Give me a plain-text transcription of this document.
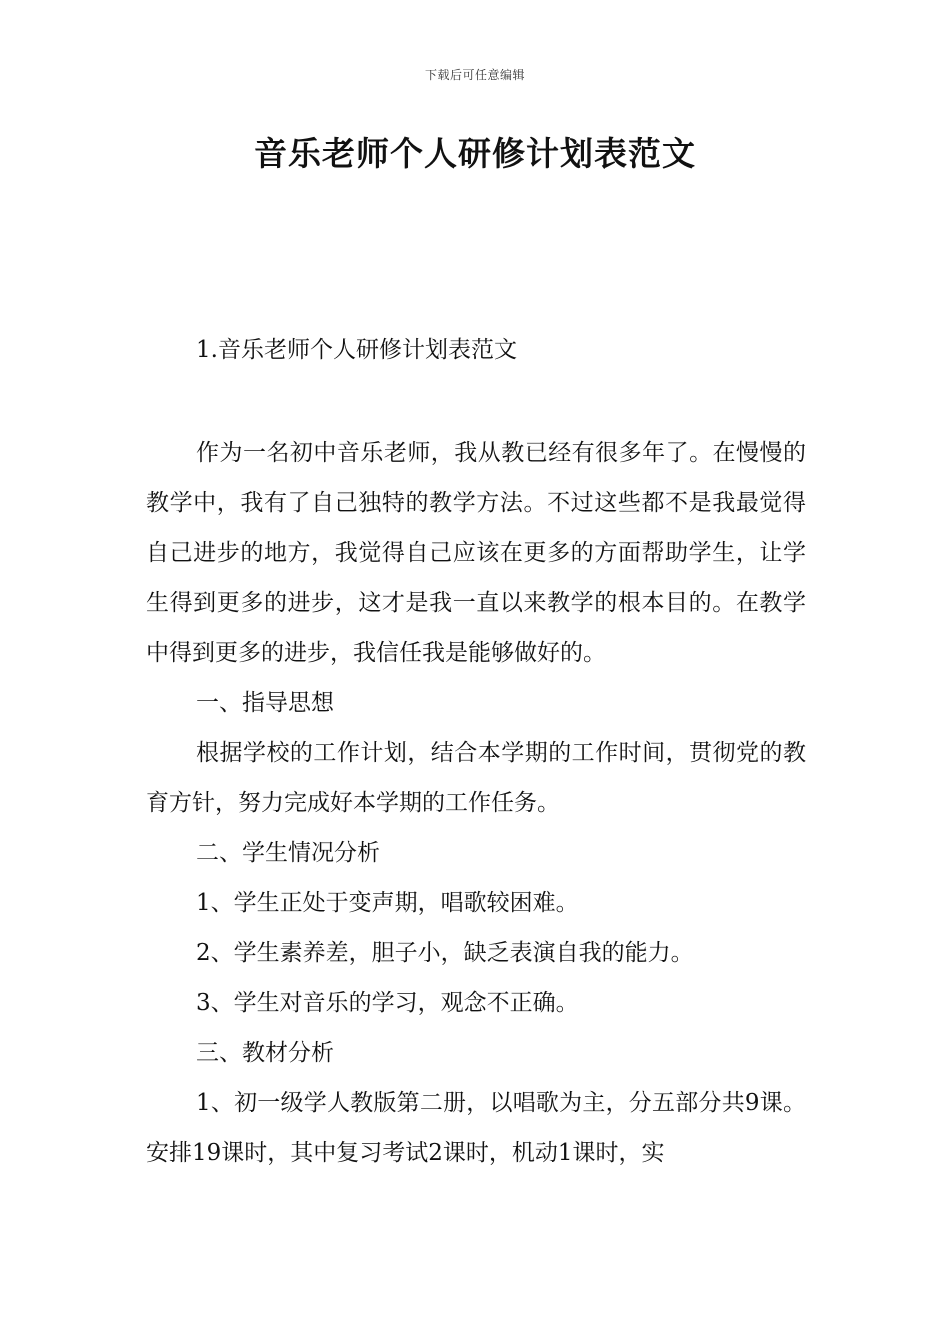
下载后可任意编辑
音乐老师个人研修计划表范文
1.音乐老师个人研修计划表范文

作为一名初中音乐老师，我从教已经有很多年了。在慢慢的教学中，我有了自己独特的教学方法。不过这些都不是我最觉得自己进步的地方，我觉得自己应该在更多的方面帮助学生，让学生得到更多的进步，这才是我一直以来教学的根本目的。在教学中得到更多的进步，我信任我是能够做好的。

一、指导思想

根据学校的工作计划，结合本学期的工作时间，贯彻党的教育方针，努力完成好本学期的工作任务。

二、学生情况分析

1、学生正处于变声期，唱歌较困难。

2、学生素养差，胆子小，缺乏表演自我的能力。

3、学生对音乐的学习，观念不正确。

三、教材分析

1、初一级学人教版第二册，以唱歌为主，分五部分共9课。安排19课时，其中复习考试2课时，机动1课时，实
